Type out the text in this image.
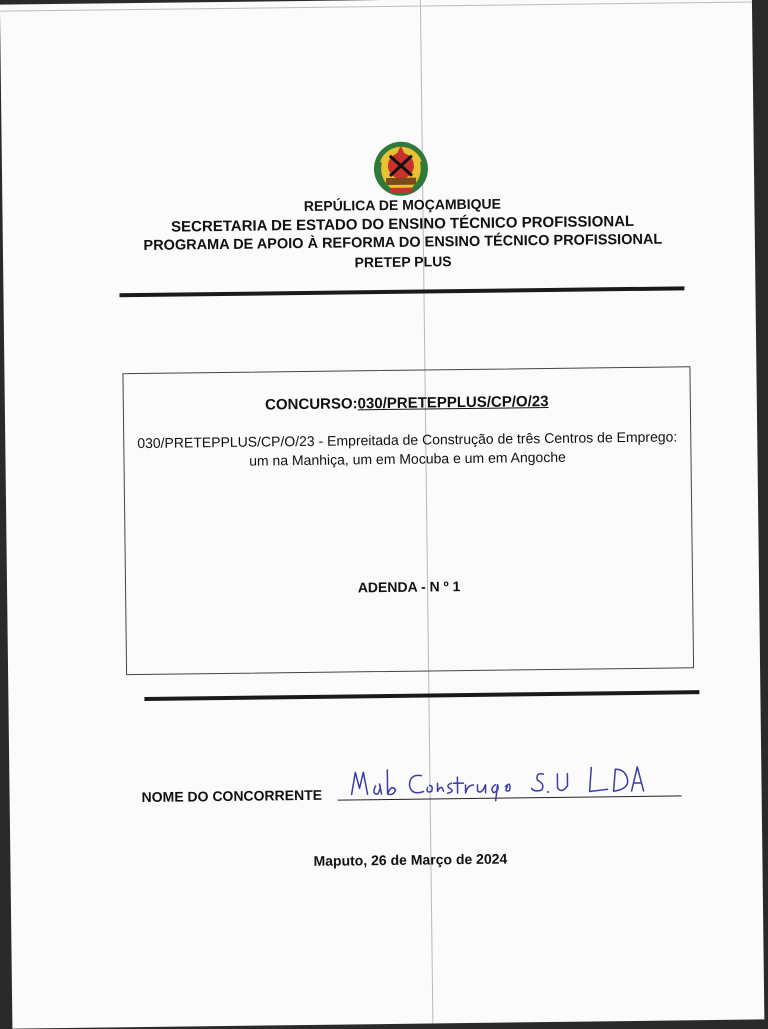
REPÚLICA DE MOÇAMBIQUE
SECRETARIA DE ESTADO DO ENSINO TÉCNICO PROFISSIONAL
PROGRAMA DE APOIO À REFORMA DO ENSINO TÉCNICO PROFISSIONAL
PRETEP PLUS
CONCURSO:030/PRETEPPLUS/CP/O/23
030/PRETEPPLUS/CP/O/23 - Empreitada de Construção de três Centros de Emprego:
um na Manhiça, um em Mocuba e um em Angoche
ADENDA - N º 1
NOME DO CONCORRENTE
Maputo, 26 de Março de 2024
